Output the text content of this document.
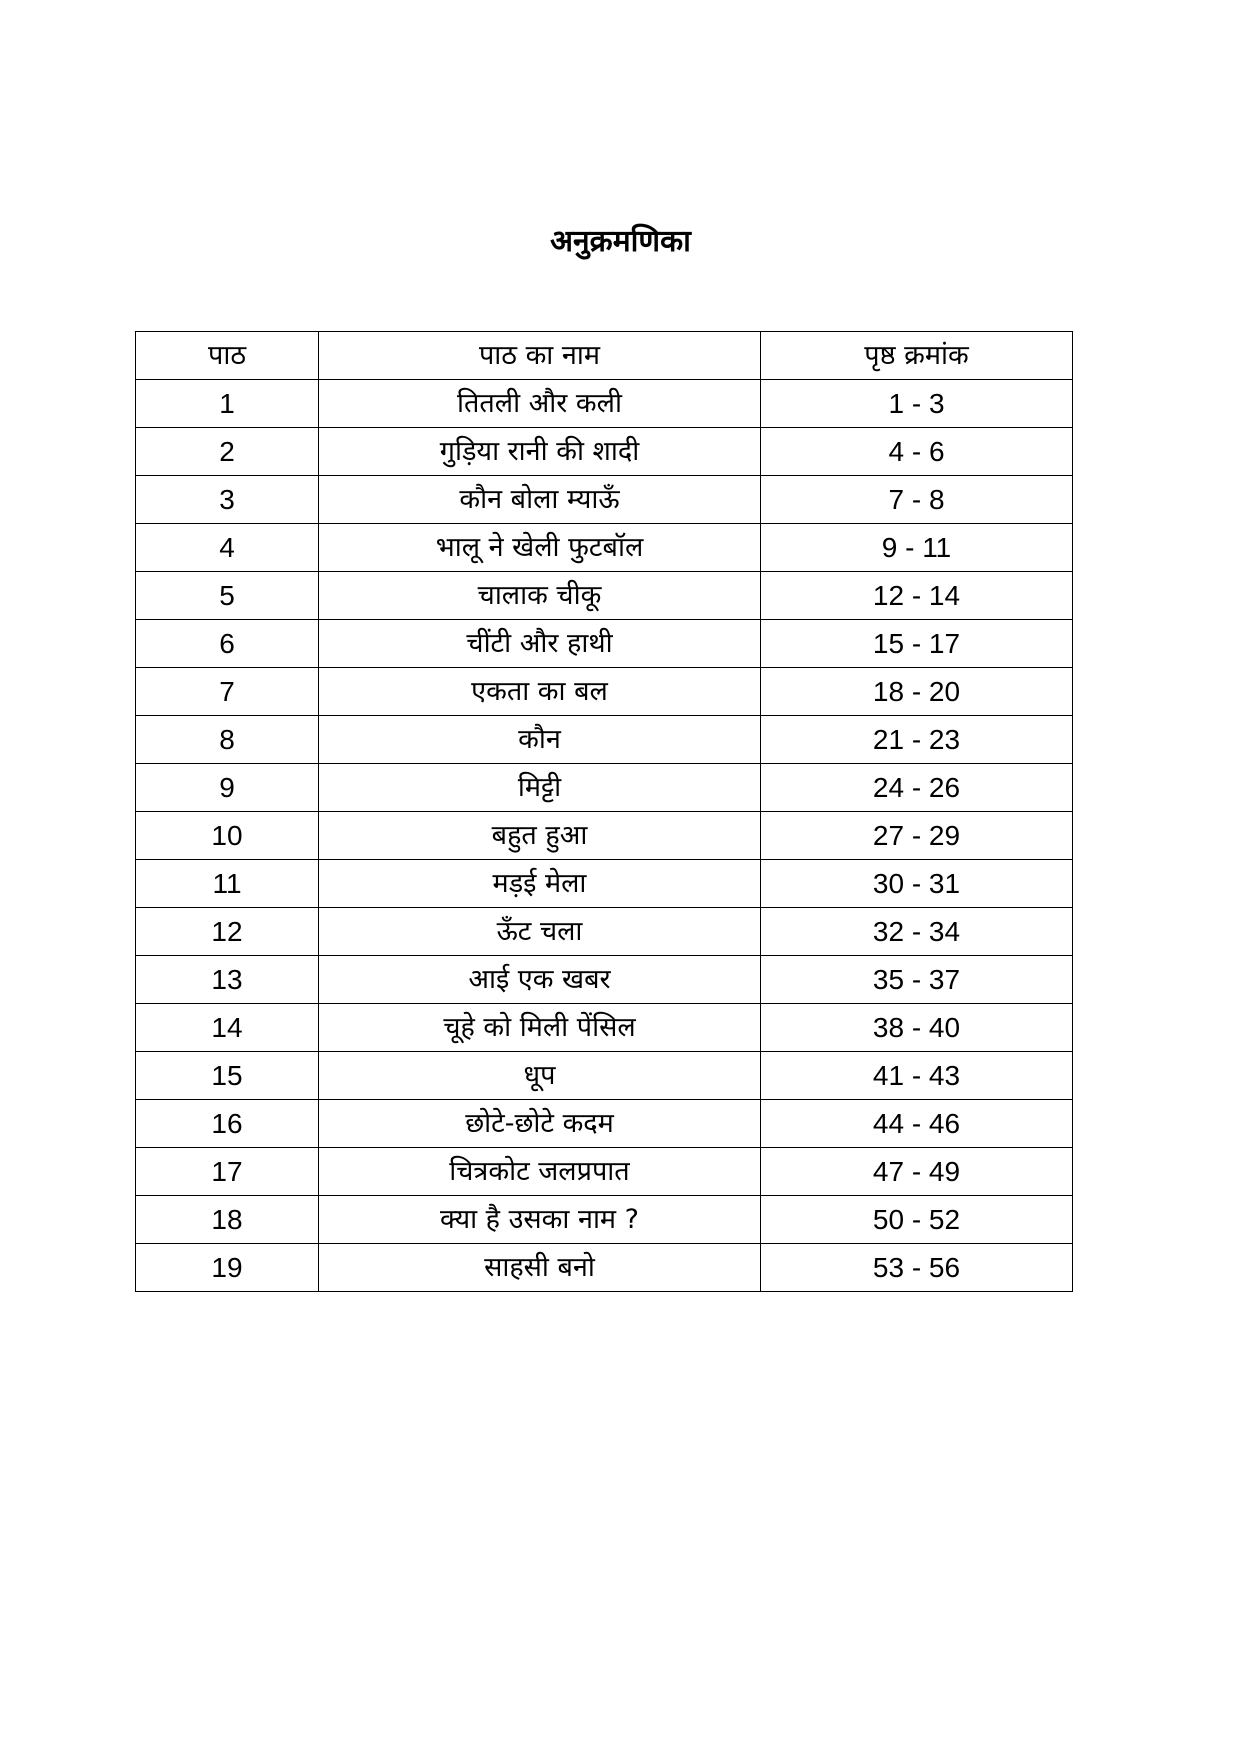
अनुक्रमणिका
पाठ	पाठ का नाम	पृष्ठ क्रमांक
1	तितली और कली	1 - 3
2	गुड़िया रानी की शादी	4 - 6
3	कौन बोला म्याऊँ	7 - 8
4	भालू ने खेली फुटबॉल	9 - 11
5	चालाक चीकू	12 - 14
6	चींटी और हाथी	15 - 17
7	एकता का बल	18 - 20
8	कौन	21 - 23
9	मिट्टी	24 - 26
10	बहुत हुआ	27 - 29
11	मड़ई मेला	30 - 31
12	ऊँट चला	32 - 34
13	आई एक खबर	35 - 37
14	चूहे को मिली पेंसिल	38 - 40
15	धूप	41 - 43
16	छोटे-छोटे कदम	44 - 46
17	चित्रकोट जलप्रपात	47 - 49
18	क्या है उसका नाम ?	50 - 52
19	साहसी बनो	53 - 56
